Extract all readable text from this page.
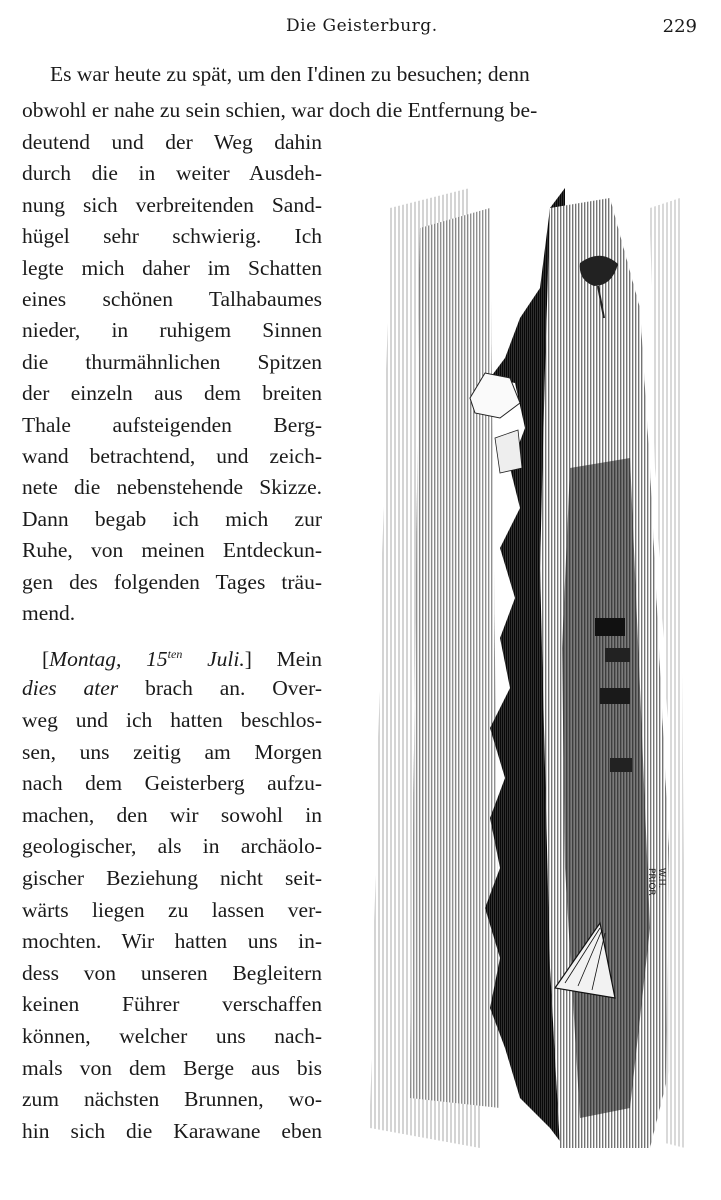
Die Geisterburg.	229
Es war heute zu spät, um den I'dinen zu besuchen; denn
obwohl er nahe zu sein schien, war doch die Entfernung be-
deutend und der Weg dahin
durch die in weiter Ausdeh-
nung sich verbreitenden Sand-
hügel sehr schwierig. Ich
legte mich daher im Schatten
eines schönen Talhabaumes
nieder, in ruhigem Sinnen
die thurmähnlichen Spitzen
der einzeln aus dem breiten
Thale aufsteigenden Berg-
wand betrachtend, und zeich-
nete die nebenstehende Skizze.
Dann begab ich mich zur
Ruhe, von meinen Entdeckun-
gen des folgenden Tages träu-
mend.
[Montag, $15^{ten}$ Juli.] Mein
dies ater brach an. Over-
weg und ich hatten beschlos-
sen, uns zeitig am Morgen
nach dem Geisterberg aufzu-
machen, den wir sowohl in
geologischer, als in archäolo-
gischer Beziehung nicht seit-
wärts liegen zu lassen ver-
mochten. Wir hatten uns in-
dess von unseren Begleitern
keinen Führer verschaffen
können, welcher uns nach-
mals von dem Berge aus bis
zum nächsten Brunnen, wo-
hin sich die Karawane eben
W.H. PRIOR
